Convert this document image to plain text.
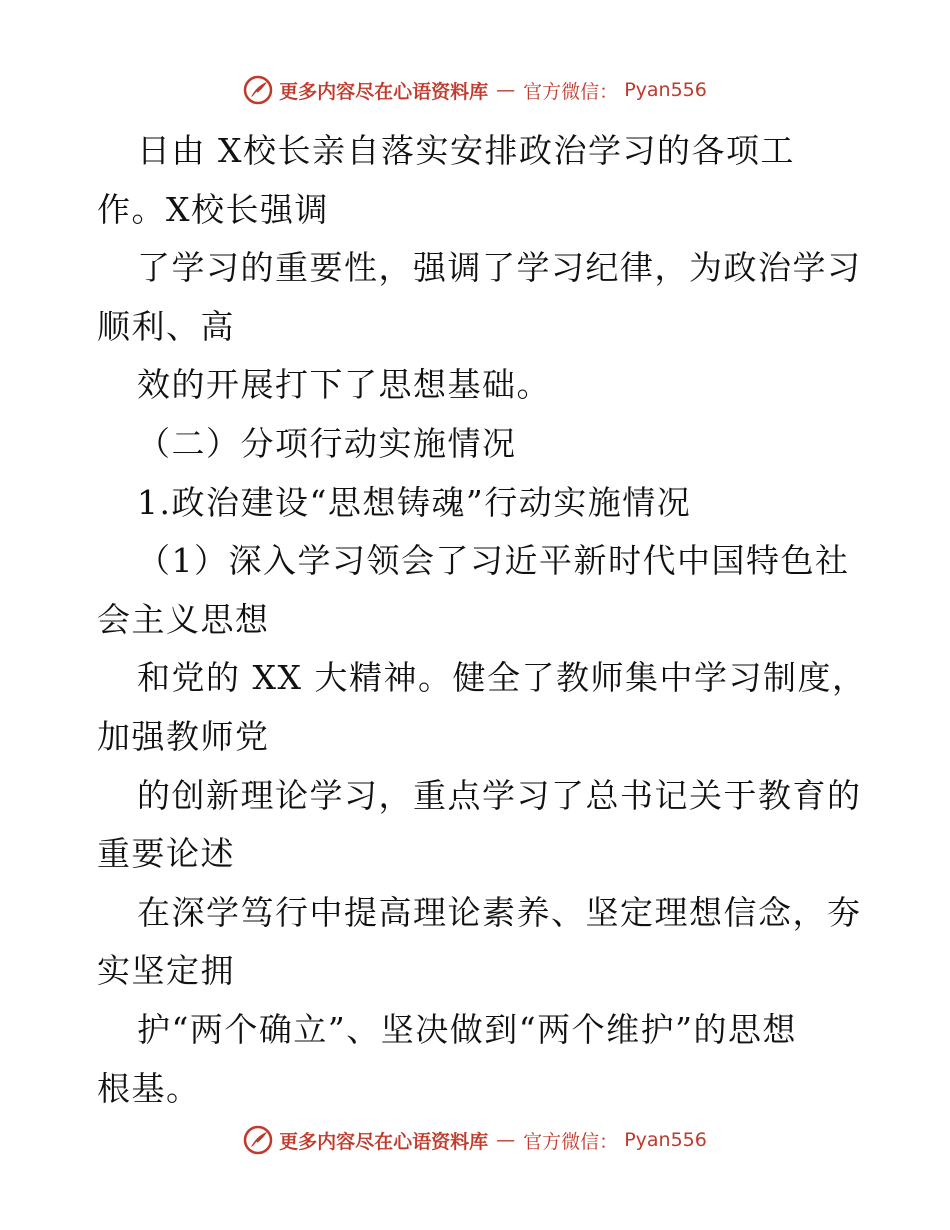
更多内容尽在心语资料库 — 官方微信： Pyan556
日由 X校长亲自落实安排政治学习的各项工
作。X校长强调
了学习的重要性，强调了学习纪律，为政治学习
顺利、高
效的开展打下了思想基础。
（二）分项行动实施情况
1.政治建设“思想铸魂”行动实施情况
（1）深入学习领会了习近平新时代中国特色社
会主义思想
和党的 XX 大精神。健全了教师集中学习制度，
加强教师党
的创新理论学习，重点学习了总书记关于教育的
重要论述
在深学笃行中提高理论素养、坚定理想信念，夯
实坚定拥
护“两个确立”、坚决做到“两个维护”的思想
根基。
更多内容尽在心语资料库 — 官方微信： Pyan556
